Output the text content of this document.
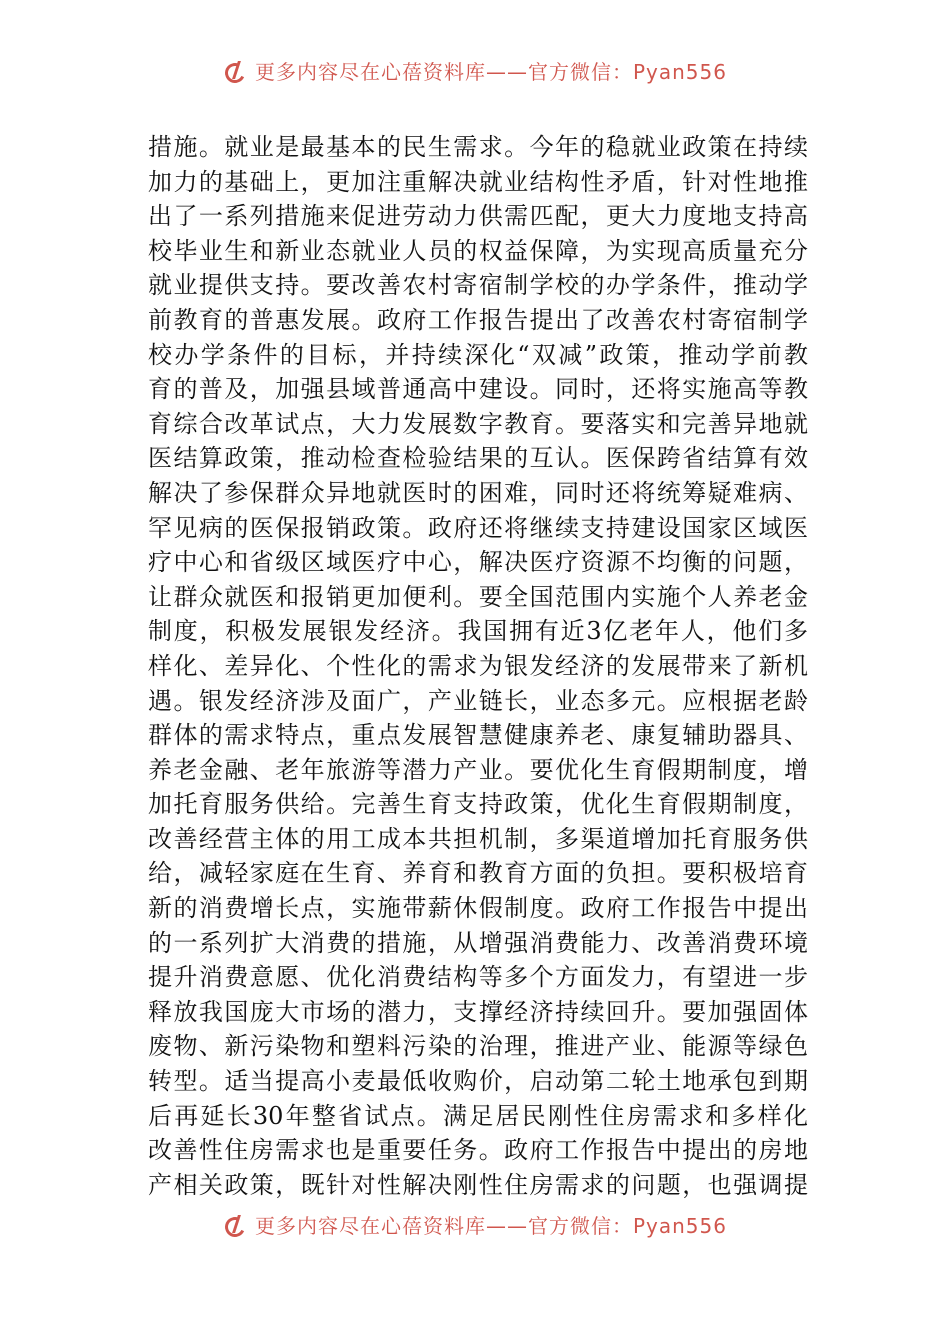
更多内容尽在心蓓资料库——官方微信：Pyan556
措施。就业是最基本的民生需求。今年的稳就业政策在持续
加力的基础上，更加注重解决就业结构性矛盾，针对性地推
出了一系列措施来促进劳动力供需匹配，更大力度地支持高
校毕业生和新业态就业人员的权益保障，为实现高质量充分
就业提供支持。要改善农村寄宿制学校的办学条件，推动学
前教育的普惠发展。政府工作报告提出了改善农村寄宿制学
校办学条件的目标，并持续深化“双减”政策，推动学前教
育的普及，加强县域普通高中建设。同时，还将实施高等教
育综合改革试点，大力发展数字教育。要落实和完善异地就
医结算政策，推动检查检验结果的互认。医保跨省结算有效
解决了参保群众异地就医时的困难，同时还将统筹疑难病、
罕见病的医保报销政策。政府还将继续支持建设国家区域医
疗中心和省级区域医疗中心，解决医疗资源不均衡的问题，
让群众就医和报销更加便利。要全国范围内实施个人养老金
制度，积极发展银发经济。我国拥有近3亿老年人，他们多
样化、差异化、个性化的需求为银发经济的发展带来了新机
遇。银发经济涉及面广，产业链长，业态多元。应根据老龄
群体的需求特点，重点发展智慧健康养老、康复辅助器具、
养老金融、老年旅游等潜力产业。要优化生育假期制度，增
加托育服务供给。完善生育支持政策，优化生育假期制度，
改善经营主体的用工成本共担机制，多渠道增加托育服务供
给，减轻家庭在生育、养育和教育方面的负担。要积极培育
新的消费增长点，实施带薪休假制度。政府工作报告中提出
的一系列扩大消费的措施，从增强消费能力、改善消费环境
提升消费意愿、优化消费结构等多个方面发力，有望进一步
释放我国庞大市场的潜力，支撑经济持续回升。要加强固体
废物、新污染物和塑料污染的治理，推进产业、能源等绿色
转型。适当提高小麦最低收购价，启动第二轮土地承包到期
后再延长30年整省试点。满足居民刚性住房需求和多样化
改善性住房需求也是重要任务。政府工作报告中提出的房地
产相关政策，既针对性解决刚性住房需求的问题，也强调提
更多内容尽在心蓓资料库——官方微信：Pyan556
